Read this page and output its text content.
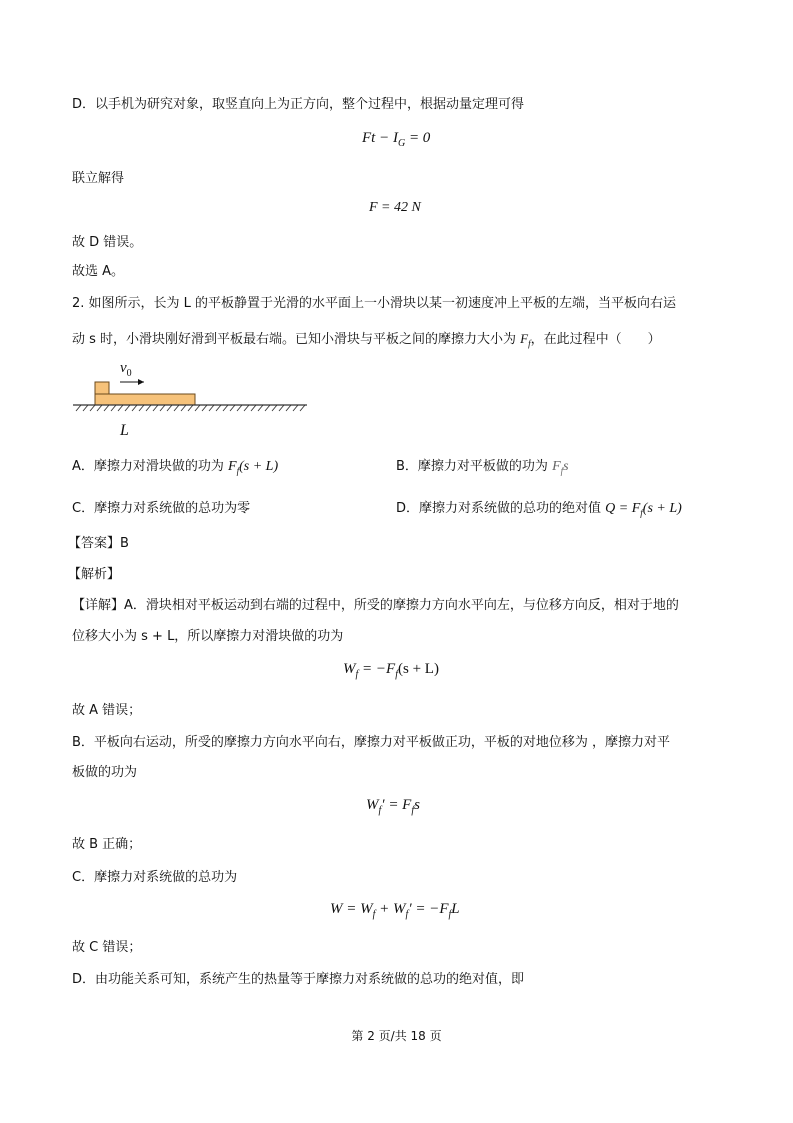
D．以手机为研究对象，取竖直向上为正方向，整个过程中，根据动量定理可得
$Ft - I_G = 0$
联立解得
F = 42 N
故 D 错误。
故选 A。
2. 如图所示，长为 L 的平板静置于光滑的水平面上一小滑块以某一初速度冲上平板的左端，当平板向右运
动 s 时，小滑块刚好滑到平板最右端。已知小滑块与平板之间的摩擦力大小为 $F_f$，在此过程中（　　）
$v_0$
L
A．摩擦力对滑块做的功为 $F_f(s + L)$	B．摩擦力对平板做的功为 $F_fs$
C．摩擦力对系统做的总功为零	D．摩擦力对系统做的总功的绝对值 $Q = F_f(s + L)$
【答案】B
【解析】
【详解】A．滑块相对平板运动到右端的过程中，所受的摩擦力方向水平向左，与位移方向反，相对于地的
位移大小为 s + L，所以摩擦力对滑块做的功为
$W_f = -F_f(s + L)$
故 A 错误；
B．平板向右运动，所受的摩擦力方向水平向右，摩擦力对平板做正功，平板的对地位移为 ，摩擦力对平
板做的功为
$W_f' = F_fs$
故 B 正确；
C．摩擦力对系统做的总功为
$W = W_f + W_f' = -F_fL$
故 C 错误；
D．由功能关系可知，系统产生的热量等于摩擦力对系统做的总功的绝对值，即
第 2 页/共 18 页
